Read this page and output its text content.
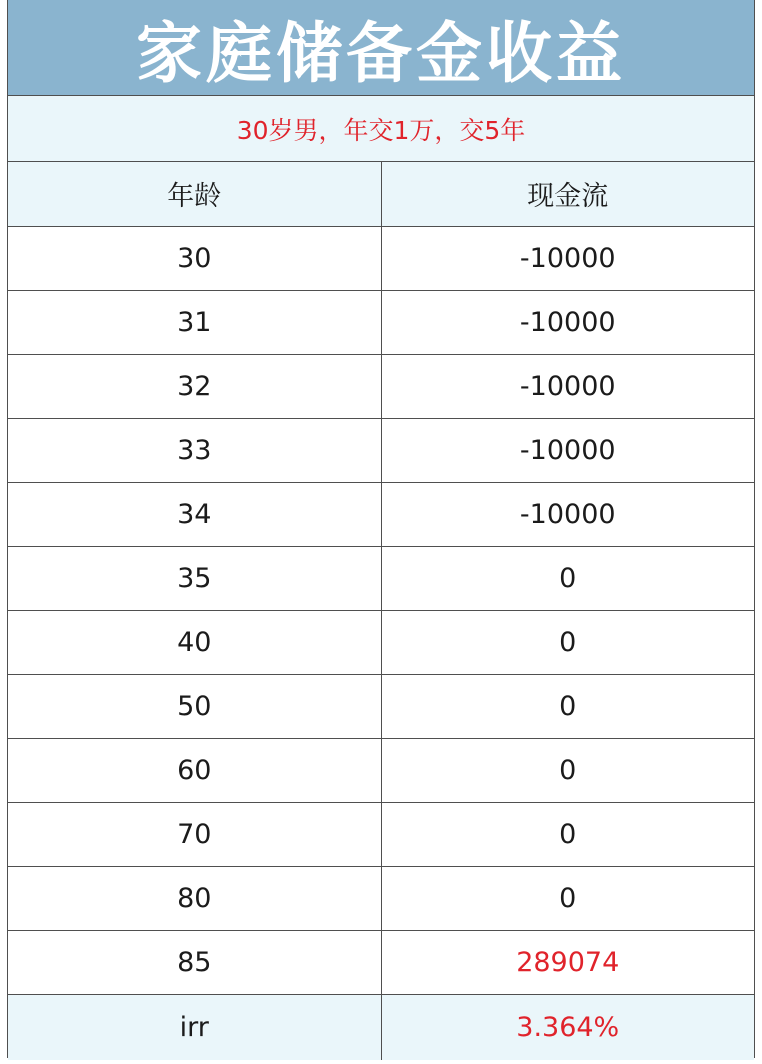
家庭储备金收益
30岁男，年交1万，交5年
年龄	现金流
30	-10000
31	-10000
32	-10000
33	-10000
34	-10000
35	0
40	0
50	0
60	0
70	0
80	0
85	289074
irr	3.364%
